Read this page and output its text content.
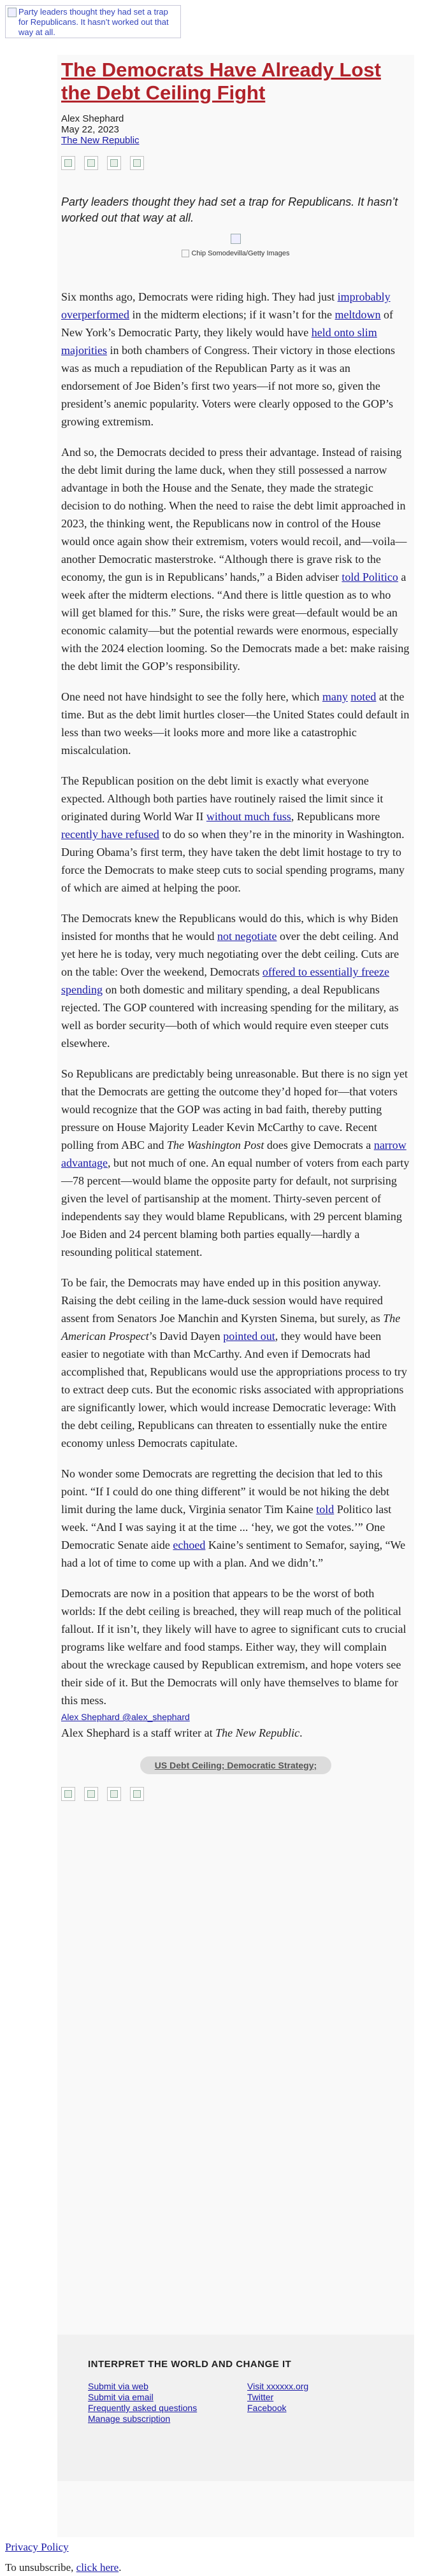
Party leaders thought they had set a trap for Republicans. It hasn’t worked out that way at all.
The Democrats Have Already Lost the Debt Ceiling Fight
Alex Shephard
May 22, 2023
The New Republic
Party leaders thought they had set a trap for Republicans. It hasn’t worked out that way at all.
Chip Somodevilla/Getty Images

Six months ago, Democrats were riding high. They had just improbably overperformed in the midterm elections; if it wasn’t for the meltdown of New York’s Democratic Party, they likely would have held onto slim majorities in both chambers of Congress. Their victory in those elections was as much a repudiation of the Republican Party as it was an endorsement of Joe Biden’s first two years—if not more so, given the president’s anemic popularity. Voters were clearly opposed to the GOP’s growing extremism.

And so, the Democrats decided to press their advantage. Instead of raising the debt limit during the lame duck, when they still possessed a narrow advantage in both the House and the Senate, they made the strategic decision to do nothing. When the need to raise the debt limit approached in 2023, the thinking went, the Republicans now in control of the House would once again show their extremism, voters would recoil, and—voila—another Democratic masterstroke. “Although there is grave risk to the economy, the gun is in Republicans’ hands,” a Biden adviser told Politico a week after the midterm elections. “And there is little question as to who will get blamed for this.” Sure, the risks were great—default would be an economic calamity—but the potential rewards were enormous, especially with the 2024 election looming. So the Democrats made a bet: make raising the debt limit the GOP’s responsibility.

One need not have hindsight to see the folly here, which many noted at the time. But as the debt limit hurtles closer—the United States could default in less than two weeks—it looks more and more like a catastrophic miscalculation.

The Republican position on the debt limit is exactly what everyone expected. Although both parties have routinely raised the limit since it originated during World War II without much fuss, Republicans more recently have refused to do so when they’re in the minority in Washington. During Obama’s first term, they have taken the debt limit hostage to try to force the Democrats to make steep cuts to social spending programs, many of which are aimed at helping the poor.

The Democrats knew the Republicans would do this, which is why Biden insisted for months that he would not negotiate over the debt ceiling. And yet here he is today, very much negotiating over the debt ceiling. Cuts are on the table: Over the weekend, Democrats offered to essentially freeze spending on both domestic and military spending, a deal Republicans rejected. The GOP countered with increasing spending for the military, as well as border security—both of which would require even steeper cuts elsewhere.

So Republicans are predictably being unreasonable. But there is no sign yet that the Democrats are getting the outcome they’d hoped for—that voters would recognize that the GOP was acting in bad faith, thereby putting pressure on House Majority Leader Kevin McCarthy to cave. Recent polling from ABC and The Washington Post does give Democrats a narrow advantage, but not much of one. An equal number of voters from each party—78 percent—would blame the opposite party for default, not surprising given the level of partisanship at the moment. Thirty-seven percent of independents say they would blame Republicans, with 29 percent blaming Joe Biden and 24 percent blaming both parties equally—hardly a resounding political statement.

To be fair, the Democrats may have ended up in this position anyway. Raising the debt ceiling in the lame-duck session would have required assent from Senators Joe Manchin and Kyrsten Sinema, but surely, as The American Prospect’s David Dayen pointed out, they would have been easier to negotiate with than McCarthy. And even if Democrats had accomplished that, Republicans would use the appropriations process to try to extract deep cuts. But the economic risks associated with appropriations are significantly lower, which would increase Democratic leverage: With the debt ceiling, Republicans can threaten to essentially nuke the entire economy unless Democrats capitulate.

No wonder some Democrats are regretting the decision that led to this point. “If I could do one thing different” it would be not hiking the debt limit during the lame duck, Virginia senator Tim Kaine told Politico last week. “And I was saying it at the time ... ‘hey, we got the votes.’” One Democratic Senate aide echoed Kaine’s sentiment to Semafor, saying, “We had a lot of time to come up with a plan. And we didn’t.”

Democrats are now in a position that appears to be the worst of both worlds: If the debt ceiling is breached, they will reap much of the political fallout. If it isn’t, they likely will have to agree to significant cuts to crucial programs like welfare and food stamps. Either way, they will complain about the wreckage caused by Republican extremism, and hope voters see their side of it. But the Democrats will only have themselves to blame for this mess.

Alex Shephard @alex_shephard
Alex Shephard is a staff writer at The New Republic.
US Debt Ceiling; Democratic Strategy;
INTERPRET THE WORLD AND CHANGE IT
Submit via web
Submit via email
Frequently asked questions
Manage subscription
Visit xxxxxx.org
Twitter
Facebook
Privacy Policy
To unsubscribe, click here.
